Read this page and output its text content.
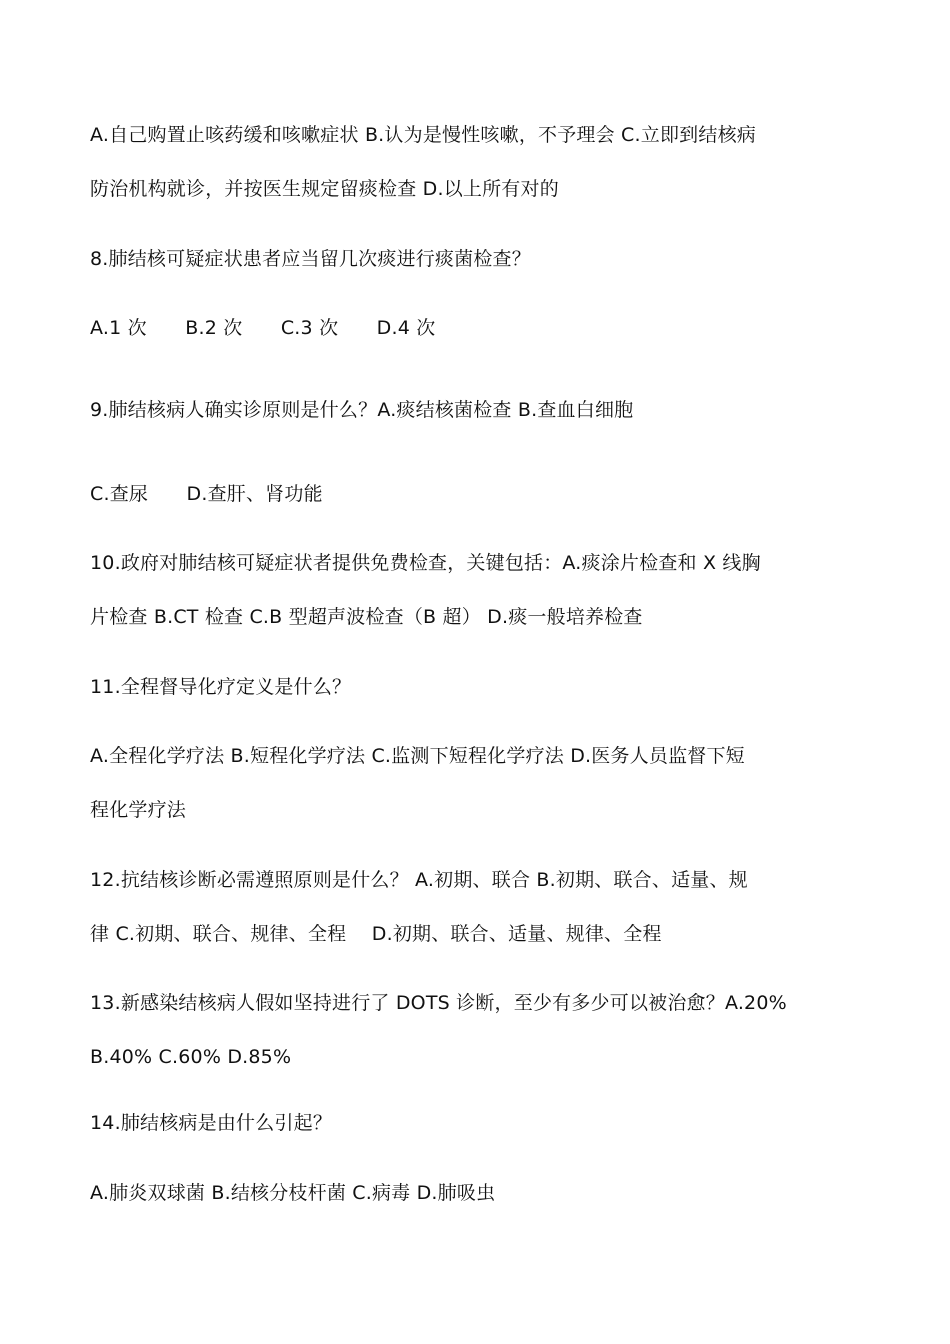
A.自己购置止咳药缓和咳嗽症状 B.认为是慢性咳嗽，不予理会 C.立即到结核病
防治机构就诊，并按医生规定留痰检查 D.以上所有对的
8.肺结核可疑症状患者应当留几次痰进行痰菌检查？
A.1 次　　B.2 次　　C.3 次　　D.4 次
9.肺结核病人确实诊原则是什么？A.痰结核菌检查 B.查血白细胞
C.查尿　　D.查肝、肾功能
10.政府对肺结核可疑症状者提供免费检查，关键包括：A.痰涂片检查和 X 线胸
片检查 B.CT 检查 C.B 型超声波检查（B 超） D.痰一般培养检查
11.全程督导化疗定义是什么？
A.全程化学疗法 B.短程化学疗法 C.监测下短程化学疗法 D.医务人员监督下短
程化学疗法
12.抗结核诊断必需遵照原则是什么？ A.初期、联合 B.初期、联合、适量、规
律 C.初期、联合、规律、全程　 D.初期、联合、适量、规律、全程
13.新感染结核病人假如坚持进行了 DOTS 诊断，至少有多少可以被治愈？A.20%
B.40% C.60% D.85%
14.肺结核病是由什么引起？
A.肺炎双球菌 B.结核分枝杆菌 C.病毒 D.肺吸虫
